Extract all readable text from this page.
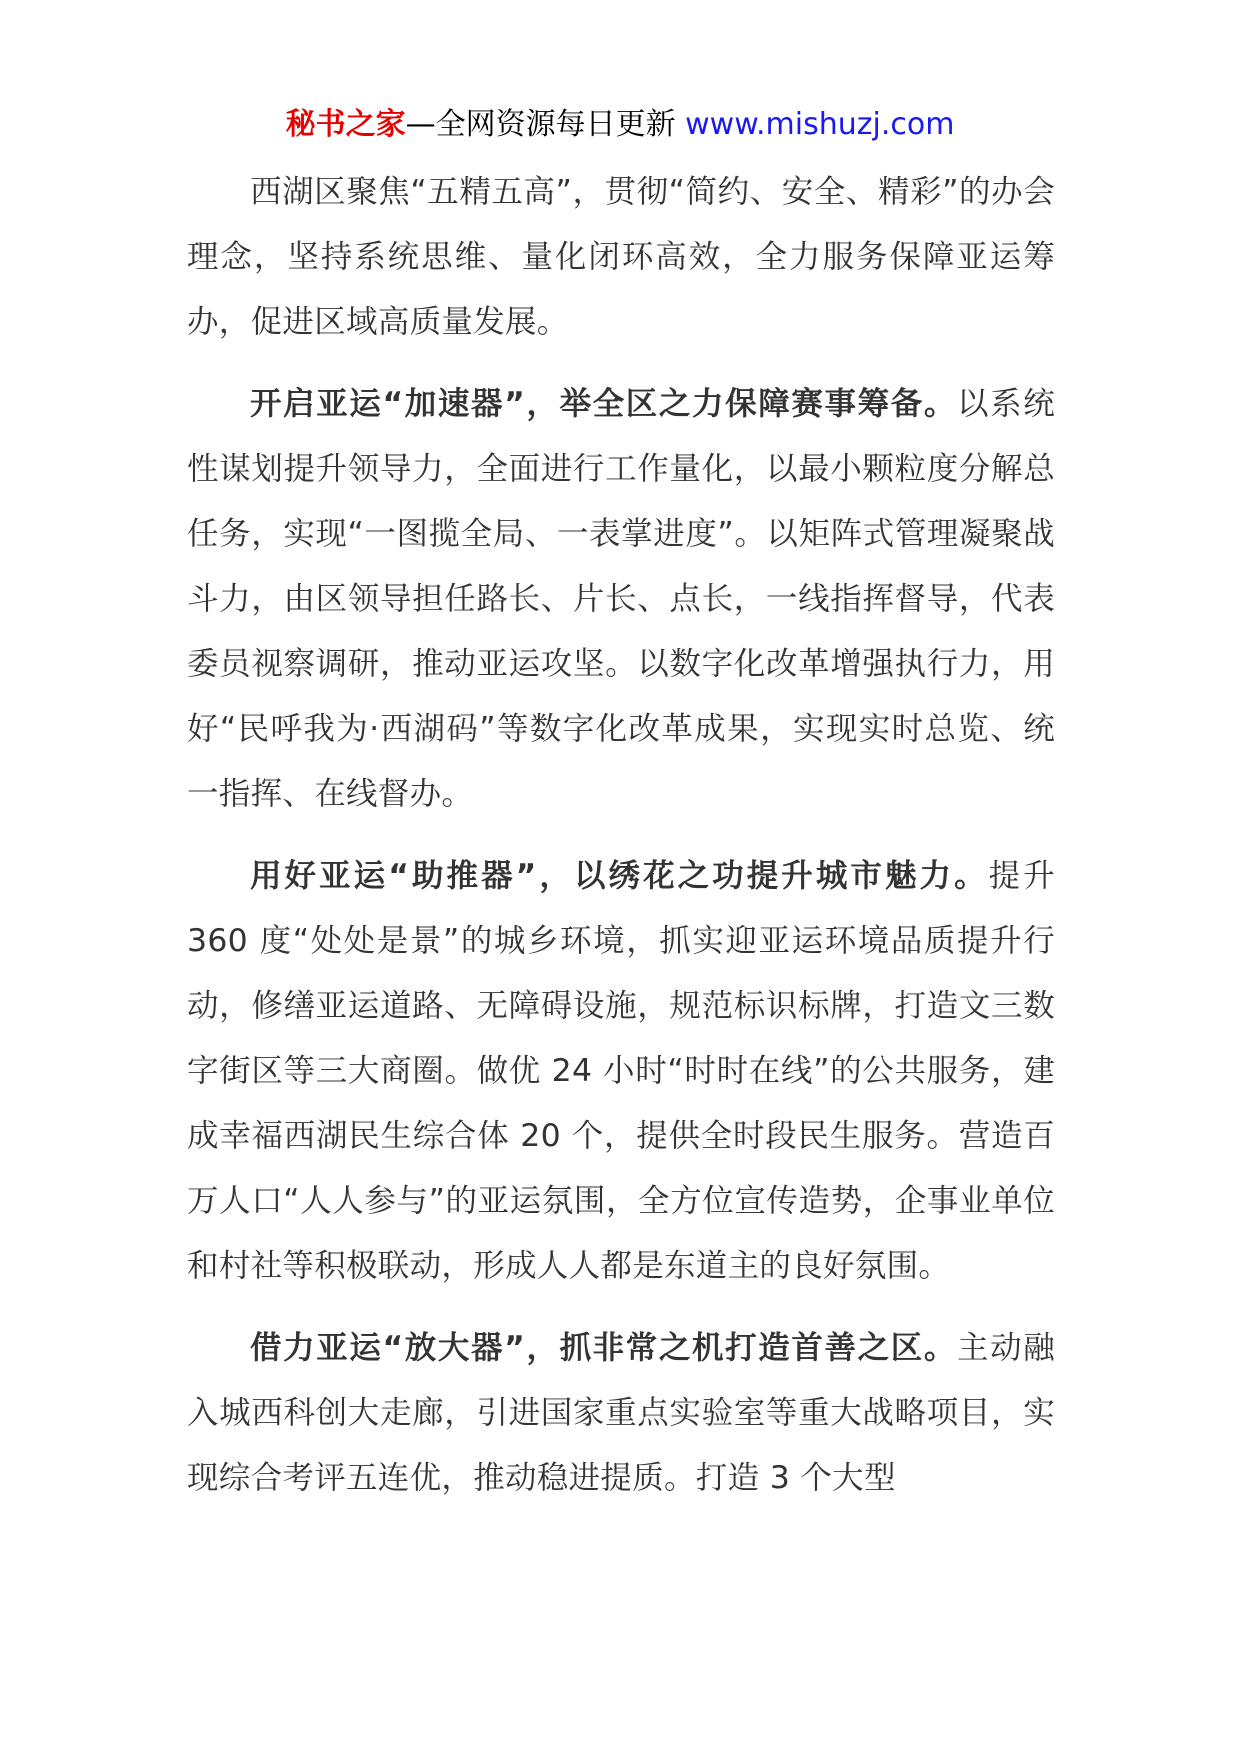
秘书之家—全网资源每日更新 www.mishuzj.com

西湖区聚焦“五精五高”，贯彻“简约、安全、精彩”的办会理念，坚持系统思维、量化闭环高效，全力服务保障亚运筹办，促进区域高质量发展。

开启亚运“加速器”，举全区之力保障赛事筹备。以系统性谋划提升领导力，全面进行工作量化，以最小颗粒度分解总任务，实现“一图揽全局、一表掌进度”。以矩阵式管理凝聚战斗力，由区领导担任路长、片长、点长，一线指挥督导，代表委员视察调研，推动亚运攻坚。以数字化改革增强执行力，用好“民呼我为·西湖码”等数字化改革成果，实现实时总览、统一指挥、在线督办。

用好亚运“助推器”，以绣花之功提升城市魅力。提升 360 度“处处是景”的城乡环境，抓实迎亚运环境品质提升行动，修缮亚运道路、无障碍设施，规范标识标牌，打造文三数字街区等三大商圈。做优 24 小时“时时在线”的公共服务，建成幸福西湖民生综合体 20 个，提供全时段民生服务。营造百万人口“人人参与”的亚运氛围，全方位宣传造势，企事业单位和村社等积极联动，形成人人都是东道主的良好氛围。

借力亚运“放大器”，抓非常之机打造首善之区。主动融入城西科创大走廊，引进国家重点实验室等重大战略项目，实现综合考评五连优，推动稳进提质。打造 3 个大型
